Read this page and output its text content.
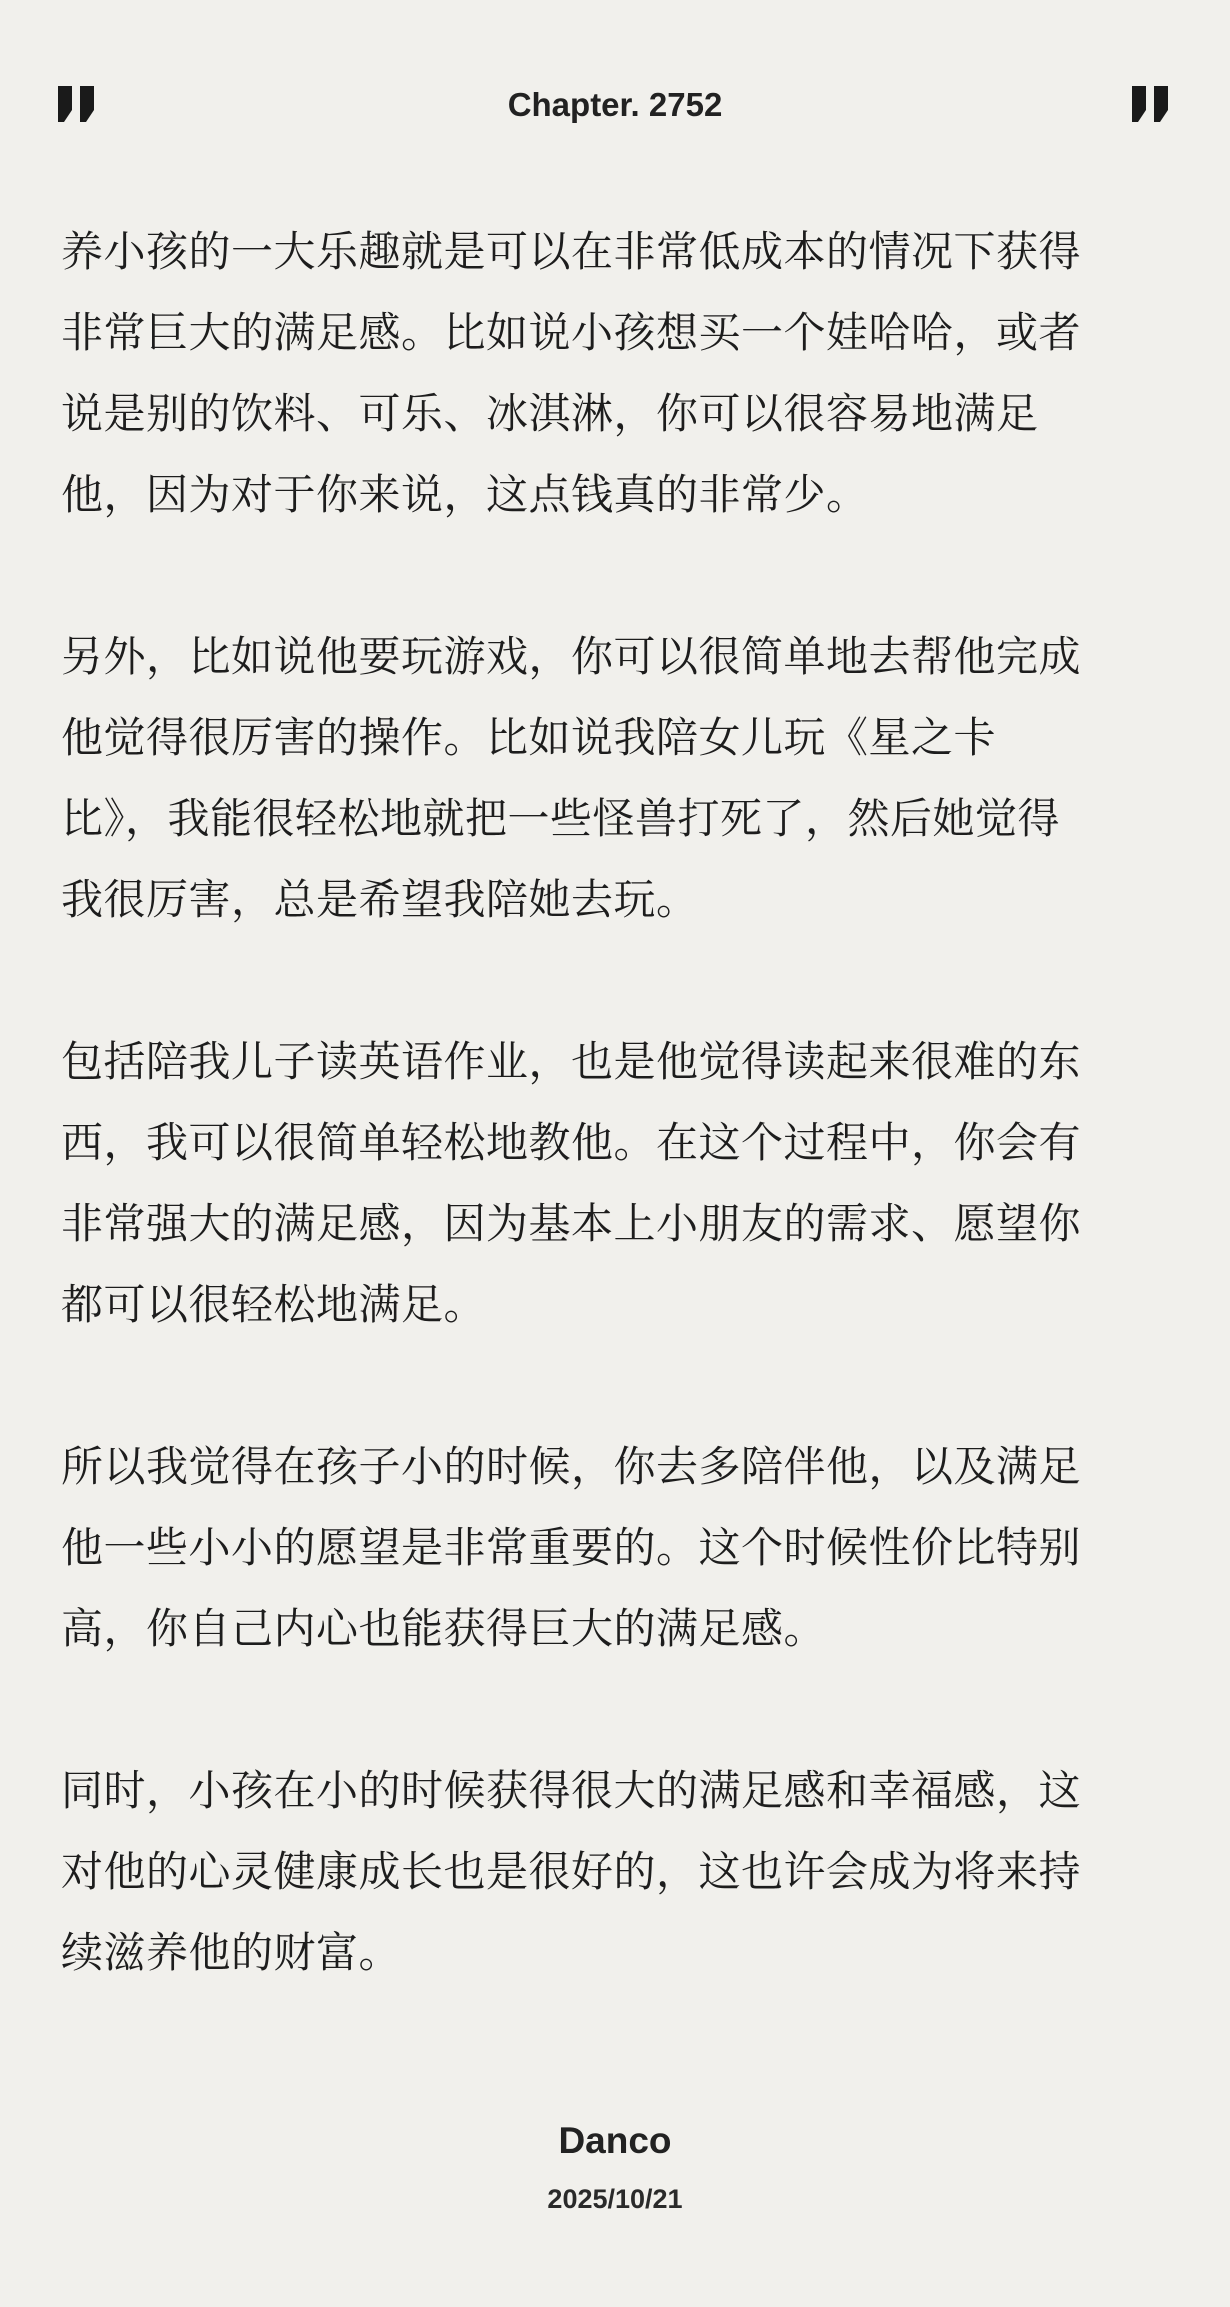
Chapter. 2752

养小孩的一大乐趣就是可以在非常低成本的情况下获得
非常巨大的满足感。比如说小孩想买一个娃哈哈，或者
说是别的饮料、可乐、冰淇淋，你可以很容易地满足
他，因为对于你来说，这点钱真的非常少。

另外，比如说他要玩游戏，你可以很简单地去帮他完成
他觉得很厉害的操作。比如说我陪女儿玩《星之卡
比》，我能很轻松地就把一些怪兽打死了，然后她觉得
我很厉害，总是希望我陪她去玩。

包括陪我儿子读英语作业，也是他觉得读起来很难的东
西，我可以很简单轻松地教他。在这个过程中，你会有
非常强大的满足感，因为基本上小朋友的需求、愿望你
都可以很轻松地满足。

所以我觉得在孩子小的时候，你去多陪伴他，以及满足
他一些小小的愿望是非常重要的。这个时候性价比特别
高，你自己内心也能获得巨大的满足感。

同时，小孩在小的时候获得很大的满足感和幸福感，这
对他的心灵健康成长也是很好的，这也许会成为将来持
续滋养他的财富。

Danco
2025/10/21
